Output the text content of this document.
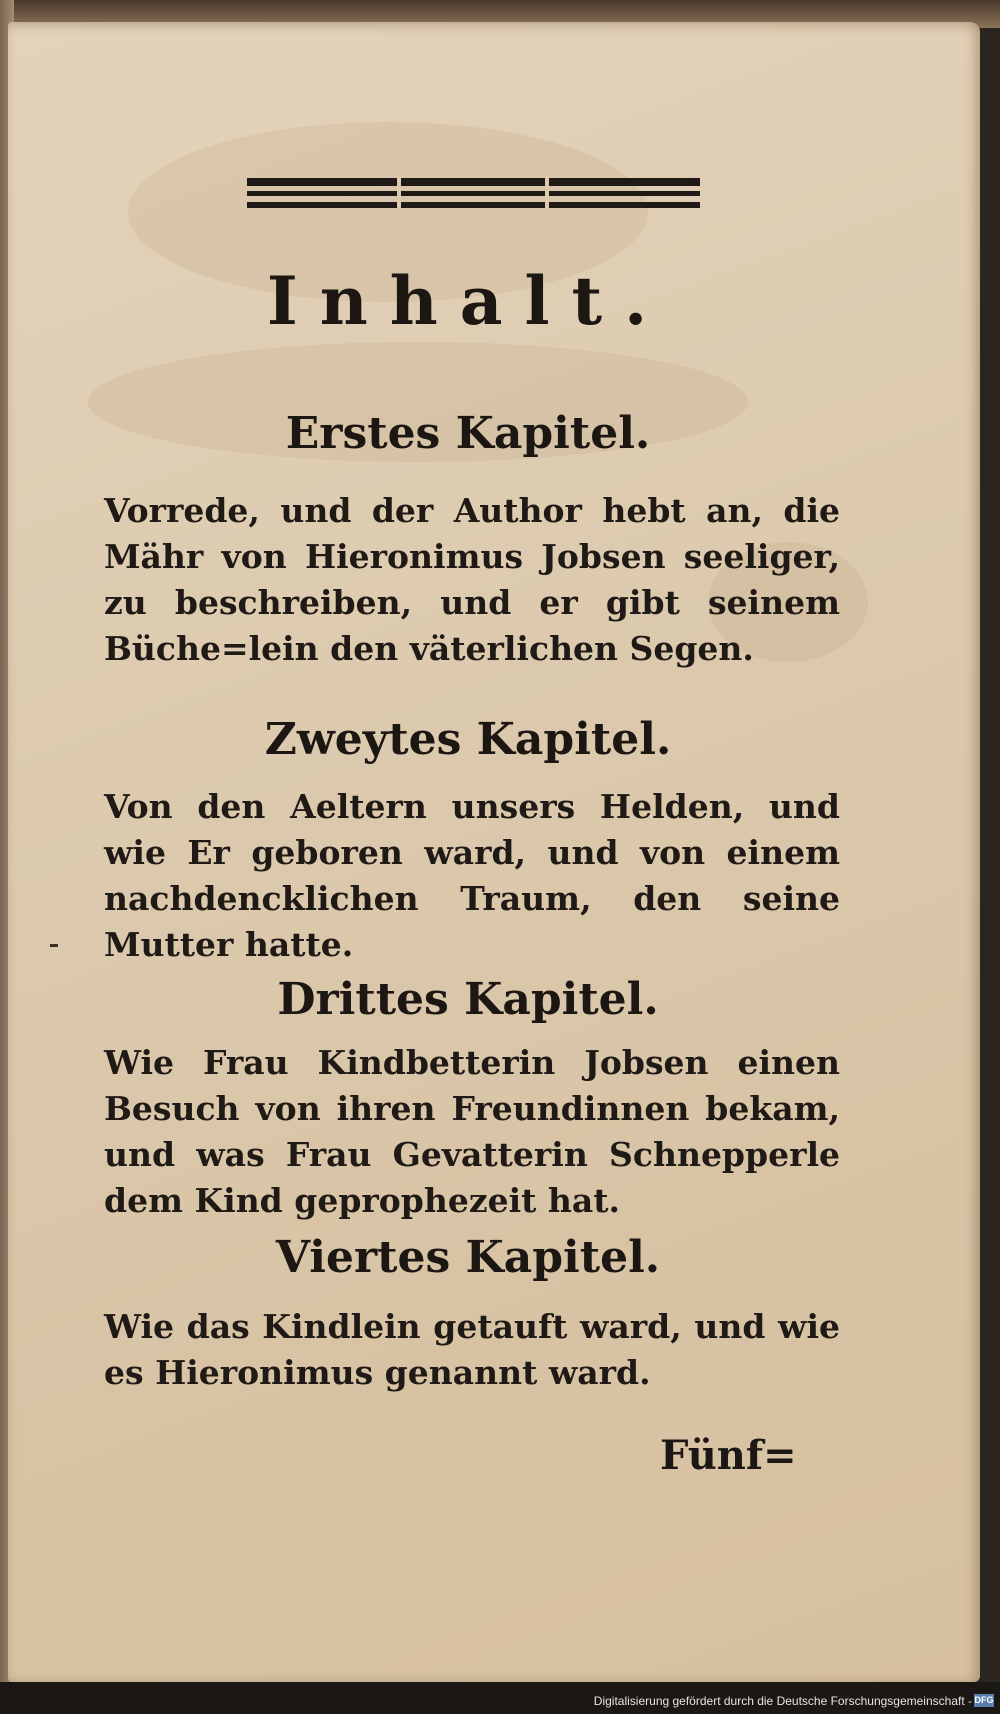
Inhalt.
Erstes Kapitel.
Vorrede, und der Author hebt an, die Mähr von Hieronimus Jobsen seeliger, zu beschreiben, und er gibt seinem Büche=lein den väterlichen Segen.
Zweytes Kapitel.
Von den Aeltern unsers Helden, und wie Er geboren ward, und von einem nachdencklichen Traum, den seine Mutter hatte.
Drittes Kapitel.
Wie Frau Kindbetterin Jobsen einen Besuch von ihren Freundinnen bekam, und was Frau Gevatterin Schnepperle dem Kind geprophezeit hat.
Viertes Kapitel.
Wie das Kindlein getauft ward, und wie es Hieronimus genannt ward.
Fünf=
Digitalisierung gefördert durch die Deutsche Forschungsgemeinschaft - DFG
